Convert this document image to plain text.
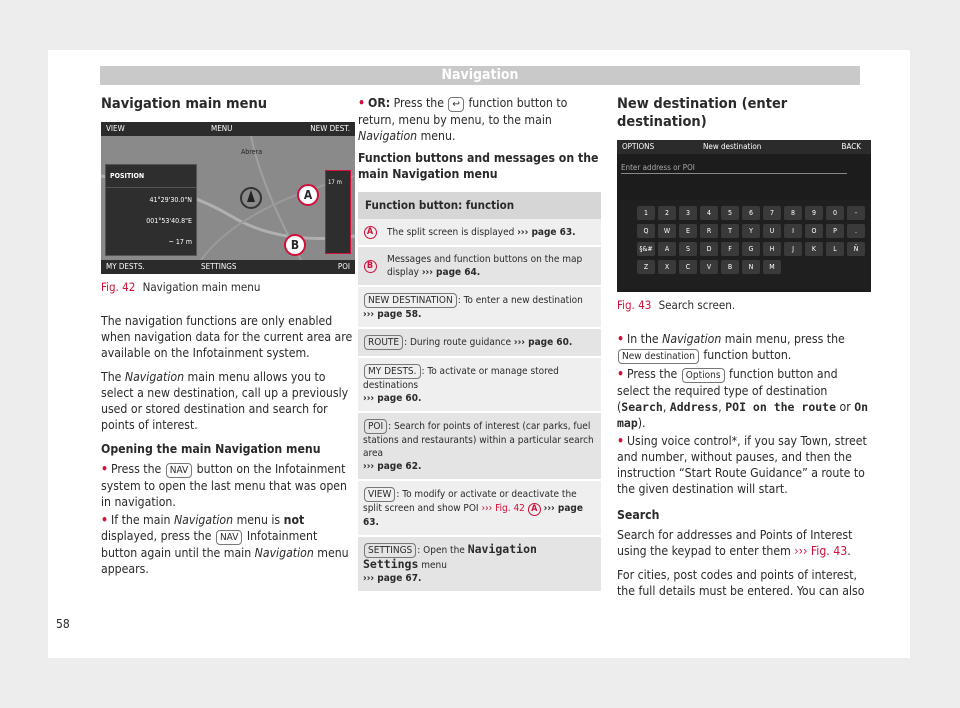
Navigation
Navigation main menu
Abrera
VIEW	MENU	NEW DEST.
POSITION
41°29'30.0"N
001°53'40.8"E
~ 17 m
17 m
A
B
MY DESTS.	SETTINGS	POI
Fig. 42 Navigation main menu

The navigation functions are only enabled when navigation data for the current area are available on the Infotainment system.

The Navigation main menu allows you to select a new destination, call up a previously used or stored destination and search for points of interest.

Opening the main Navigation menu
• Press the NAV button on the Infotainment system to open the last menu that was open in navigation.
• If the main Navigation menu is not displayed, press the NAV Infotainment button again until the main Navigation menu appears.
• OR: Press the ↩ function button to return, menu by menu, to the main Navigation menu.
Function buttons and messages on the main Navigation menu
Function button: function	
A	The split screen is displayed ››› page 63.
B	Messages and function buttons on the map display ››› page 64.
NEW DESTINATION : To enter a new destination
››› page 58.	
ROUTE : During route guidance ››› page 60.	
MY DESTS. : To activate or manage stored destinations
››› page 60.	
POI : Search for points of interest (car parks, fuel stations and restaurants) within a particular search area
››› page 62.	
VIEW : To modify or activate or deactivate the split screen and show POI ››› Fig. 42 A ››› page 63.	
SETTINGS : Open the Navigation Settings menu
››› page 67.	
New destination (enter destination)
OPTIONS	New destination	BACK
Enter address or POI
1	2	3	4	5	6	7	8	9	0	-
Q	W	E	R	T	Y	U	I	O	P	.
§&#	A	S	D	F	G	H	J	K	L	Ñ
Z	X	C	V	B	N	M
Fig. 43 Search screen.
• In the Navigation main menu, press the New destination function button.
• Press the Options function button and select the required type of destination (Search, Address, POI on the route or On map).
• Using voice control*, if you say Town, street and number, without pauses, and then the instruction “Start Route Guidance” a route to the given destination will start.
Search

Search for addresses and Points of Interest using the keypad to enter them ››› Fig. 43.

For cities, post codes and points of interest, the full details must be entered. You can also

58
